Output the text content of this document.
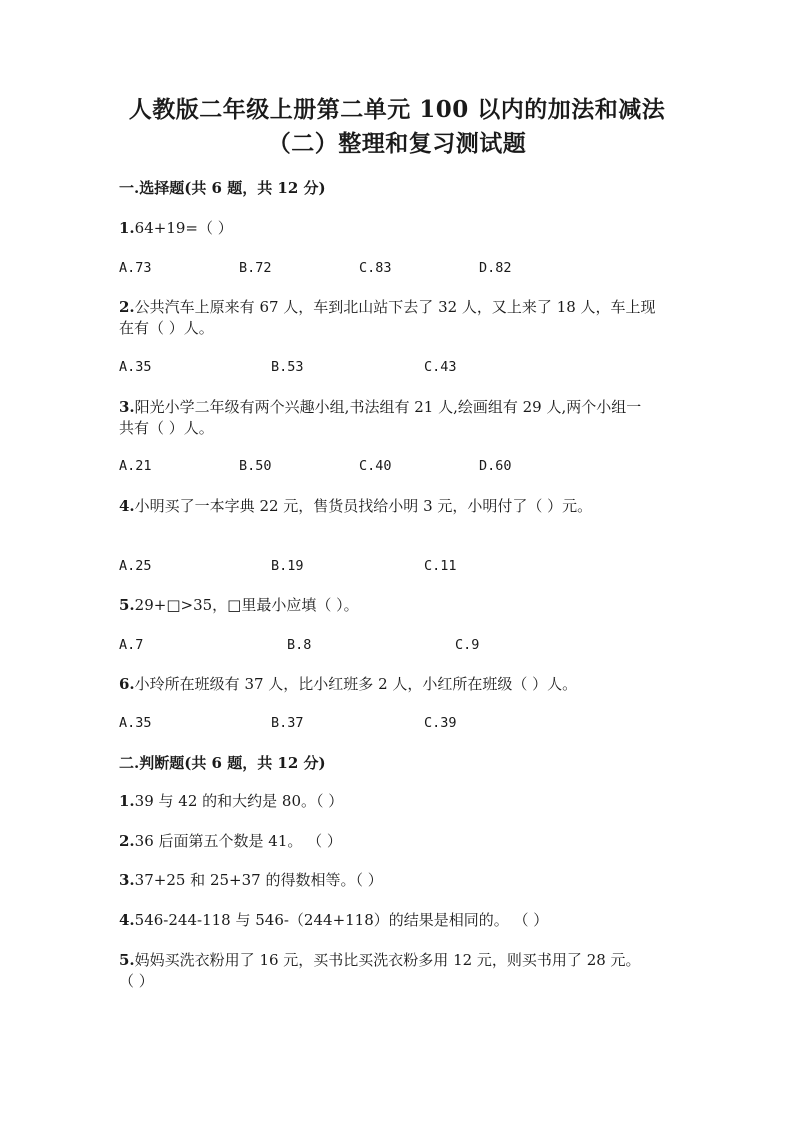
人教版二年级上册第二单元 100 以内的加法和减法
（二）整理和复习测试题
一.选择题(共 6 题，共 12 分)
1.64+19=（ ）
A.73	B.72	C.83	D.82
2.公共汽车上原来有 67 人，车到北山站下去了 32 人，又上来了 18 人，车上现
在有（ ）人。
A.35	B.53	C.43
3.阳光小学二年级有两个兴趣小组,书法组有 21 人,绘画组有 29 人,两个小组一
共有（ ）人。
A.21	B.50	C.40	D.60
4.小明买了一本字典 22 元，售货员找给小明 3 元，小明付了（ ）元。
A.25	B.19	C.11
5.29+□>35，□里最小应填（ ）。
A.7	B.8	C.9
6.小玲所在班级有 37 人，比小红班多 2 人，小红所在班级（ ）人。
A.35	B.37	C.39
二.判断题(共 6 题，共 12 分)
1.39 与 42 的和大约是 80。（ ）
2.36 后面第五个数是 41。 （ ）
3.37+25 和 25+37 的得数相等。（ ）
4.546-244-118 与 546-（244+118）的结果是相同的。 （ ）
5.妈妈买洗衣粉用了 16 元，买书比买洗衣粉多用 12 元，则买书用了 28 元。
（ ）
